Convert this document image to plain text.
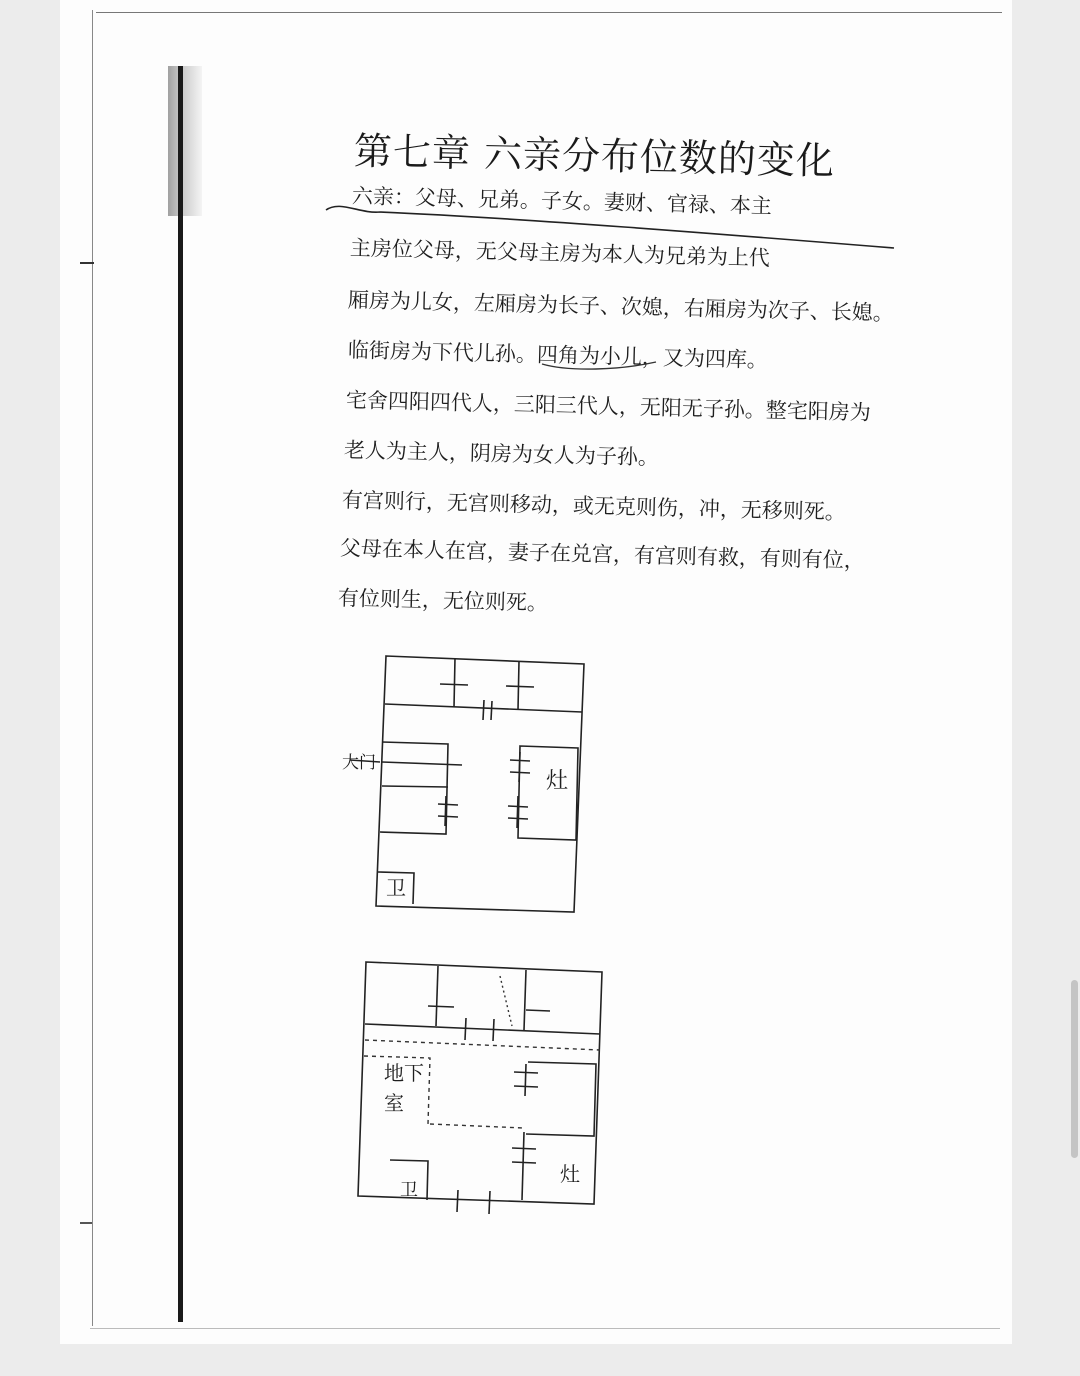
第七章 六亲分布位数的变化

六亲：父母、兄弟。子女。妻财、官禄、本主

主房位父母，无父母主房为本人为兄弟为上代

厢房为儿女，左厢房为长子、次媳，右厢房为次子、长媳。

临街房为下代儿孙。四角为小儿，又为四库。

宅舍四阳四代人，三阳三代人，无阳无子孙。整宅阳房为

老人为主人，阴房为女人为子孙。

有宫则行，无宫则移动，或无克则伤，冲，无移则死。

父母在本人在宫，妻子在兑宫，有宫则有救，有则有位，

有位则生，无位则死。

大门
灶
卫
地下室
灶
卫
